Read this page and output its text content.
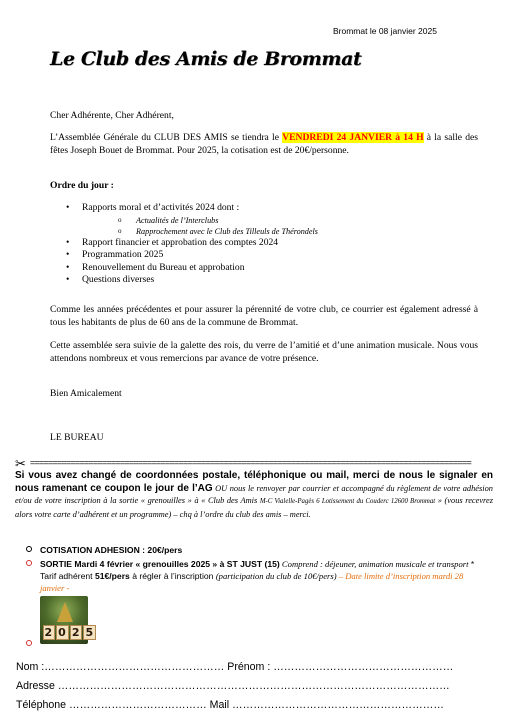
Brommat le 08 janvier 2025
Le Club des Amis de Brommat
Cher Adhérente, Cher Adhérent,
L’Assemblée Générale du CLUB DES AMIS se tiendra le VENDREDI 24 JANVIER à 14 H à la salle des fêtes Joseph Bouet de Brommat. Pour 2025, la cotisation est de 20€/personne.
Ordre du jour :
• Rapports moral et d’activités 2024 dont :
o Actualités de l’Interclubs
o Rapprochement avec le Club des Tilleuls de Thérondels
• Rapport financier et approbation des comptes 2024
• Programmation 2025
• Renouvellement du Bureau et approbation
• Questions diverses
Comme les années précédentes et pour assurer la pérennité de votre club, ce courrier est également adressé à tous les habitants de plus de 60 ans de la commune de Brommat.
Cette assemblée sera suivie de la galette des rois, du verre de l’amitié et d’une animation musicale. Nous vous attendons nombreux et vous remercions par avance de votre présence.
Bien Amicalement
LE BUREAU
✂ ==================================================================================================
Si vous avez changé de coordonnées postale, téléphonique ou mail, merci de nous le signaler en nous ramenant ce coupon le jour de l’AG OU nous le renvoyer par courrier et accompagné du règlement de votre adhésion et/ou de votre inscription à la sortie « grenouilles » à « Club des Amis M-C Vialelle-Pagès 6 Lotissement du Couderc 12600 Brommat » (vous recevrez alors votre carte d’adhérent et un programme) – chq à l’ordre du club des amis – merci.
COTISATION ADHESION : 20€/pers
SORTIE Mardi 4 février « grenouilles 2025 » à ST JUST (15) Comprend : déjeuner, animation musicale et transport * Tarif adhérent 51€/pers à régler à l’inscription (participation du club de 10€/pers) – Date limite d’inscription mardi 28 janvier -
2 0 2 5
Nom :…………………………………………… Prénom : ……………………………………………
Adresse …………………………………………………………………………………………………
Téléphone ………………………………… Mail ……………………………………………………
